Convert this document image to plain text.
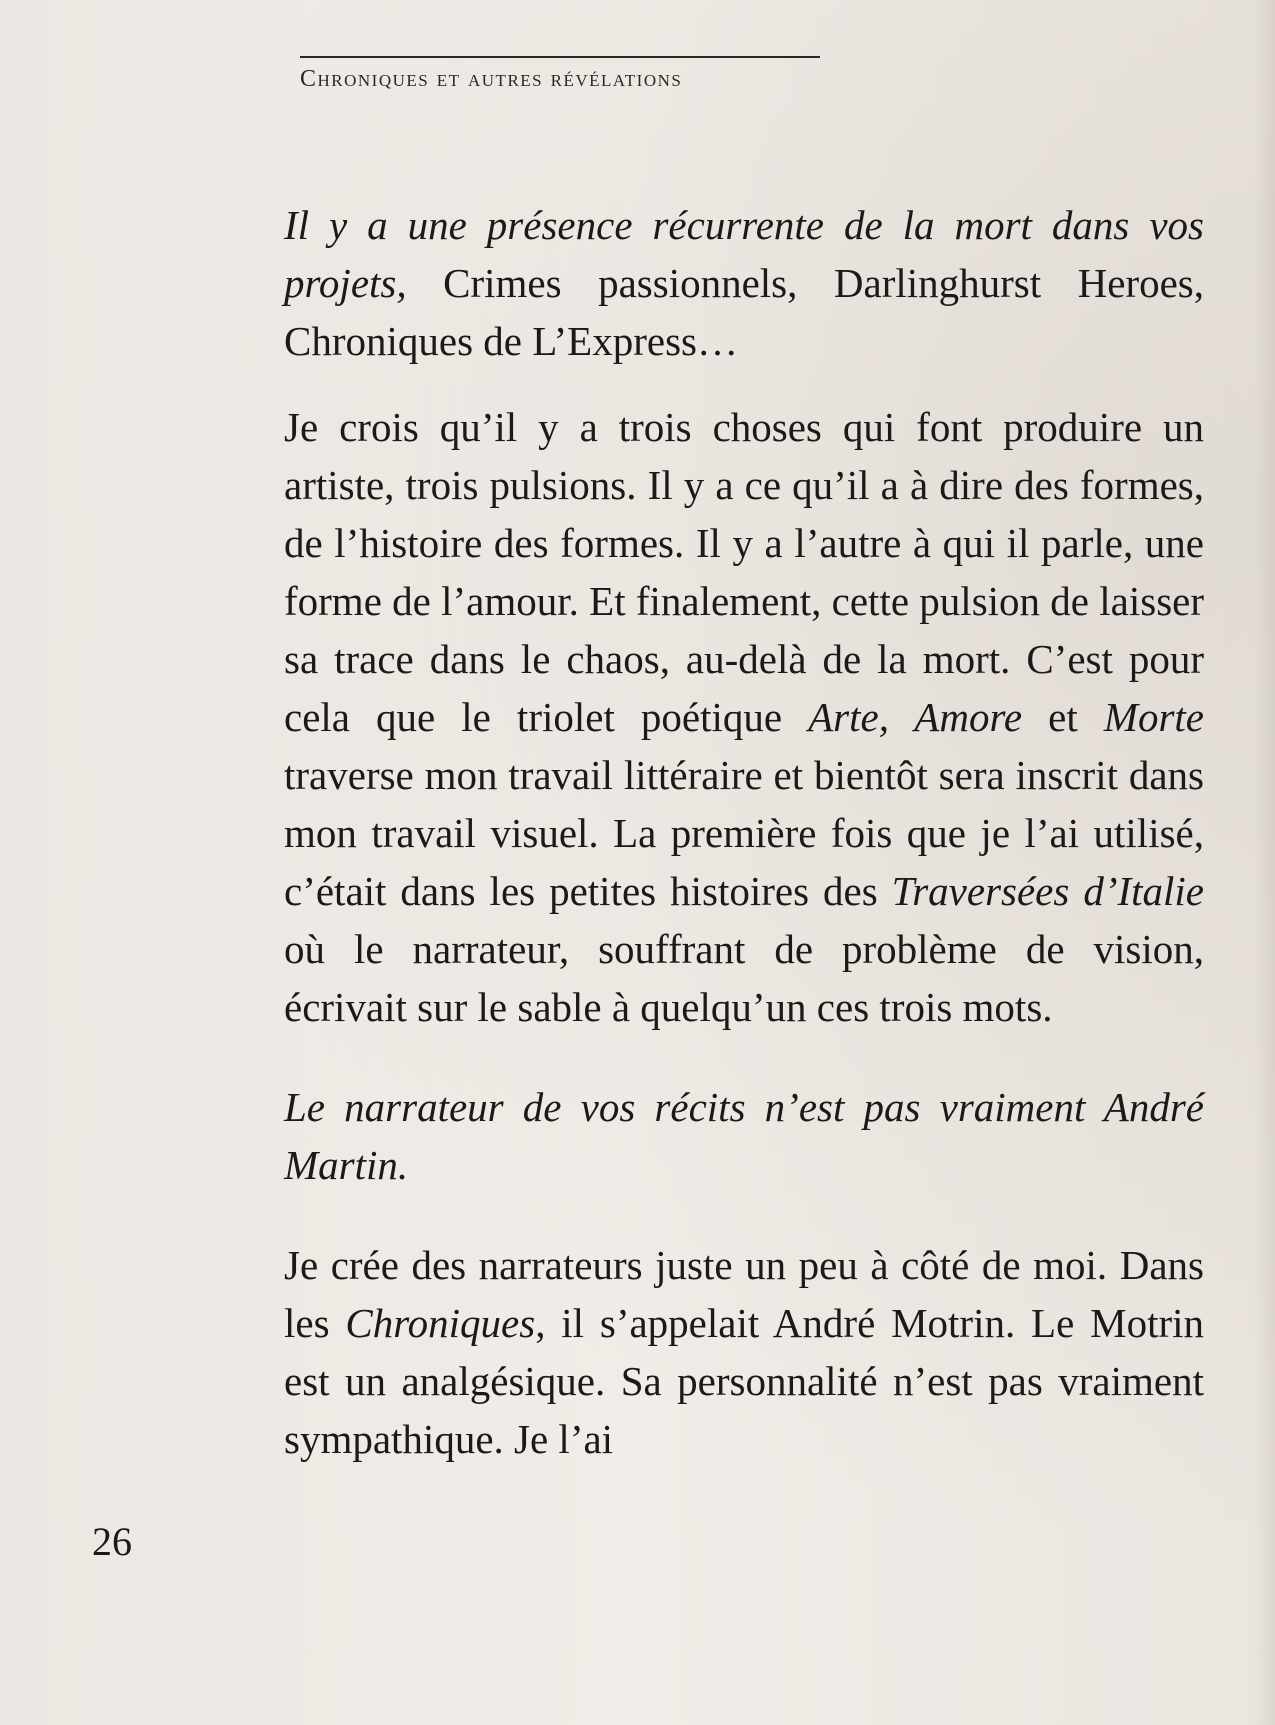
Chroniques et autres révélations

Il y a une présence récurrente de la mort dans vos projets, Crimes passionnels, Darlinghurst Heroes, Chroniques de L’Express…

Je crois qu’il y a trois choses qui font produire un artiste, trois pulsions. Il y a ce qu’il a à dire des formes, de l’histoire des formes. Il y a l’autre à qui il parle, une forme de l’amour. Et finalement, cette pulsion de laisser sa trace dans le chaos, au-delà de la mort. C’est pour cela que le triolet poétique Arte, Amore et Morte traverse mon travail littéraire et bientôt sera inscrit dans mon travail visuel. La première fois que je l’ai utilisé, c’était dans les petites histoires des Traversées d’Italie où le narrateur, souffrant de problème de vision, écrivait sur le sable à quelqu’un ces trois mots.

Le narrateur de vos récits n’est pas vraiment André Martin.

Je crée des narrateurs juste un peu à côté de moi. Dans les Chroniques, il s’appelait André Motrin. Le Motrin est un analgésique. Sa personnalité n’est pas vraiment sympathique. Je l’ai

26
